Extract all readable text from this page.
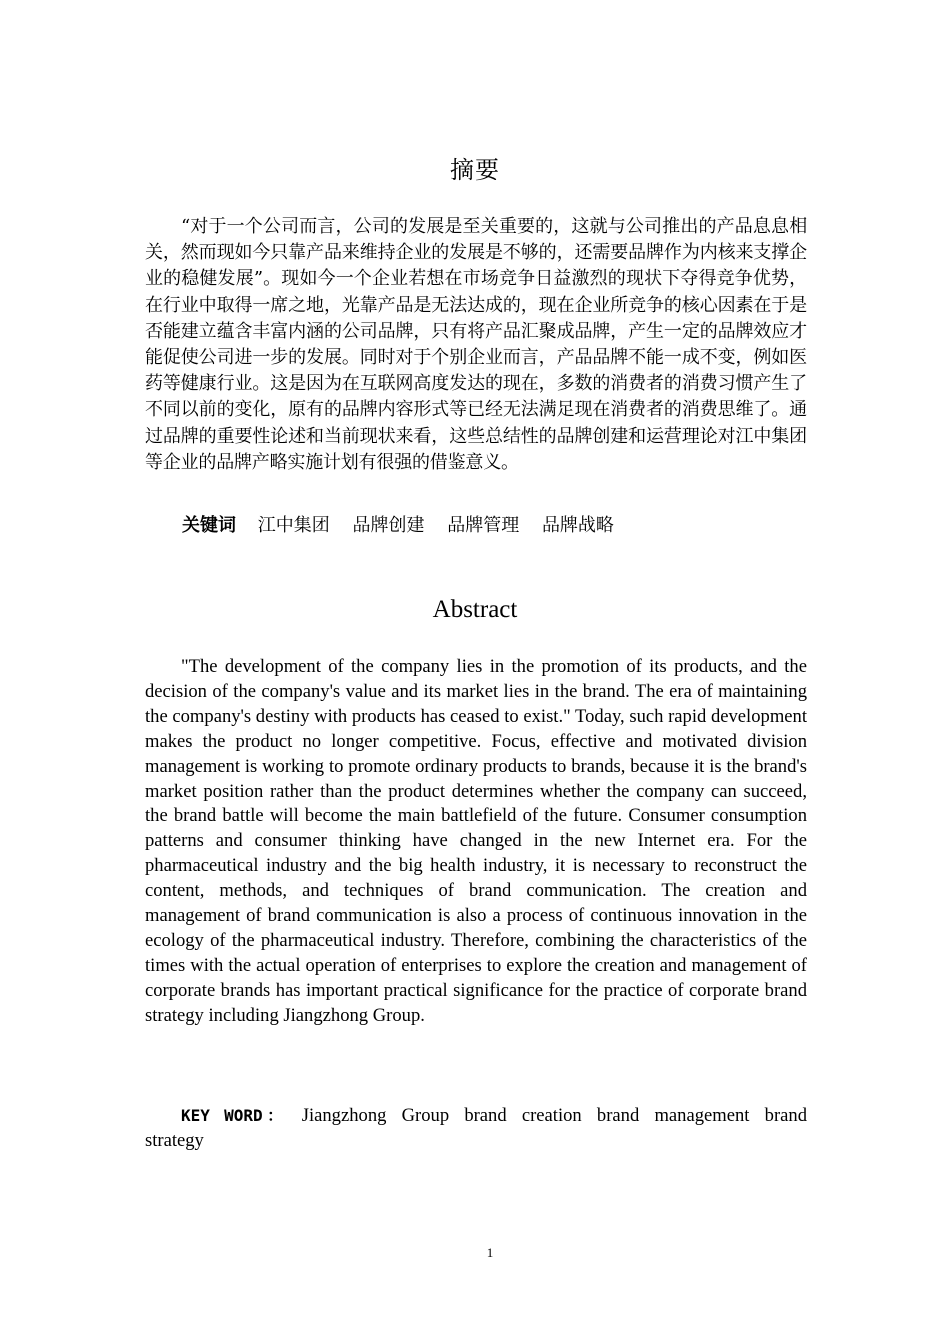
摘要

“对于一个公司而言，公司的发展是至关重要的，这就与公司推出的产品息息相关，然而现如今只靠产品来维持企业的发展是不够的，还需要品牌作为内核来支撑企业的稳健发展”。现如今一个企业若想在市场竞争日益激烈的现状下夺得竞争优势，在行业中取得一席之地，光靠产品是无法达成的，现在企业所竞争的核心因素在于是否能建立蕴含丰富内涵的公司品牌，只有将产品汇聚成品牌，产生一定的品牌效应才能促使公司进一步的发展。同时对于个别企业而言，产品品牌不能一成不变，例如医药等健康行业。这是因为在互联网高度发达的现在，多数的消费者的消费习惯产生了不同以前的变化，原有的品牌内容形式等已经无法满足现在消费者的消费思维了。通过品牌的重要性论述和当前现状来看，这些总结性的品牌创建和运营理论对江中集团等企业的品牌产略实施计划有很强的借鉴意义。

关键词 江中集团 品牌创建 品牌管理 品牌战略
Abstract

"The development of the company lies in the promotion of its products, and the decision of the company's value and its market lies in the brand. The era of maintaining the company's destiny with products has ceased to exist." Today, such rapid development makes the product no longer competitive. Focus, effective and motivated division management is working to promote ordinary products to brands, because it is the brand's market position rather than the product determines whether the company can succeed, the brand battle will become the main battlefield of the future. Consumer consumption patterns and consumer thinking have changed in the new Internet era. For the pharmaceutical industry and the big health industry, it is necessary to reconstruct the content, methods, and techniques of brand communication. The creation and management of brand communication is also a process of continuous innovation in the ecology of the pharmaceutical industry. Therefore, combining the characteristics of the times with the actual operation of enterprises to explore the creation and management of corporate brands has important practical significance for the practice of corporate brand strategy including Jiangzhong Group.

KEY WORD： Jiangzhong Group brand creation brand management brand strategy

1
